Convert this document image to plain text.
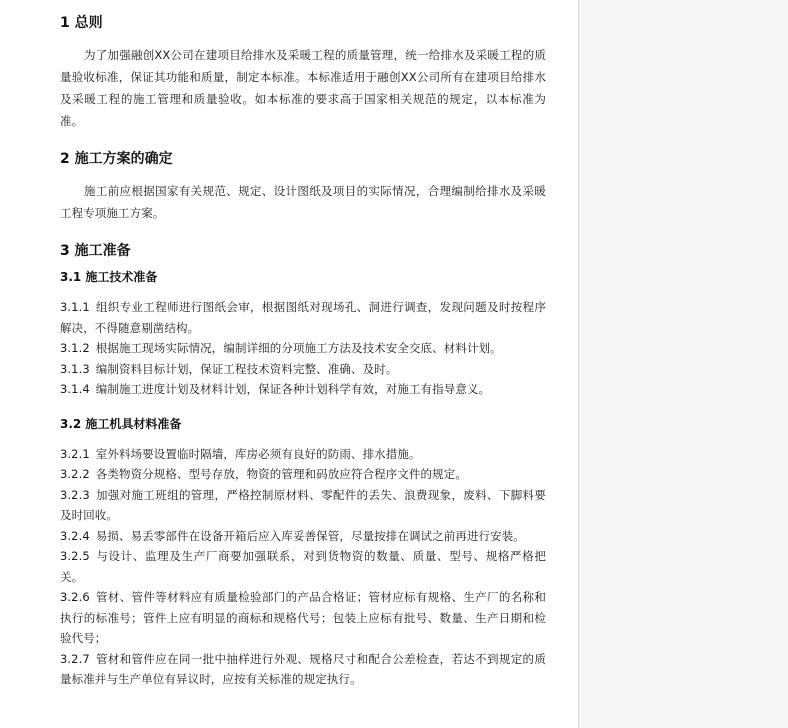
1 总则

为了加强融创XX公司在建项目给排水及采暖工程的质量管理，统一给排水及采暖工程的质量验收标准，保证其功能和质量，制定本标准。本标准适用于融创XX公司所有在建项目给排水及采暖工程的施工管理和质量验收。如本标准的要求高于国家相关规范的规定，以本标准为准。

2 施工方案的确定

施工前应根据国家有关规范、规定、设计图纸及项目的实际情况，合理编制给排水及采暖工程专项施工方案。

3 施工准备
3.1 施工技术准备

3.1.1 组织专业工程师进行图纸会审，根据图纸对现场孔、洞进行调查，发现问题及时按程序解决，不得随意剔凿结构。

3.1.2 根据施工现场实际情况，编制详细的分项施工方法及技术安全交底、材料计划。

3.1.3 编制资料目标计划，保证工程技术资料完整、准确、及时。

3.1.4 编制施工进度计划及材料计划，保证各种计划科学有效，对施工有指导意义。

3.2 施工机具材料准备

3.2.1 室外料场要设置临时隔墙，库房必须有良好的防雨、排水措施。

3.2.2 各类物资分规格、型号存放，物资的管理和码放应符合程序文件的规定。

3.2.3 加强对施工班组的管理，严格控制原材料、零配件的丢失、浪费现象，废料、下脚料要及时回收。

3.2.4 易损、易丢零部件在设备开箱后应入库妥善保管，尽量按排在调试之前再进行安装。

3.2.5 与设计、监理及生产厂商要加强联系，对到货物资的数量、质量、型号、规格严格把关。

3.2.6 管材、管件等材料应有质量检验部门的产品合格证；管材应标有规格、生产厂的名称和执行的标准号；管件上应有明显的商标和规格代号；包装上应标有批号、数量、生产日期和检验代号；

3.2.7 管材和管件应在同一批中抽样进行外观、规格尺寸和配合公差检查，若达不到规定的质量标准并与生产单位有异议时，应按有关标准的规定执行。
